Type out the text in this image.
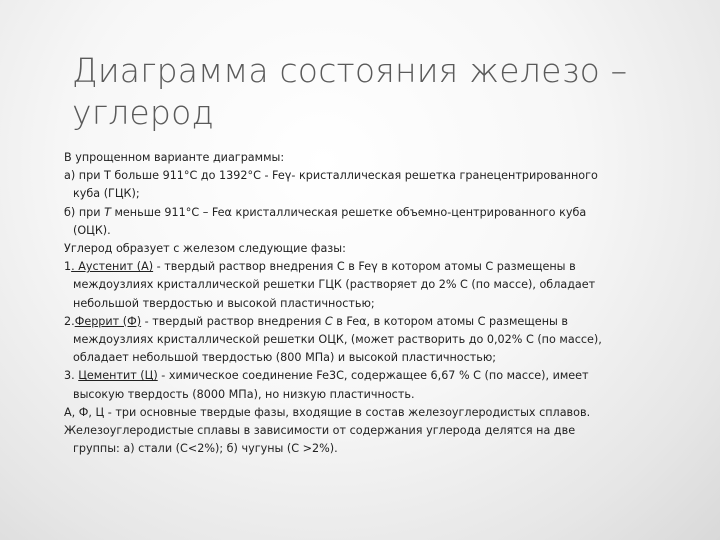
Диаграмма состояния железо –
углерод

В упрощенном варианте диаграммы:

а) при T больше 911°С до 1392°С - Feγ- кристаллическая решетка гранецентрированного

куба (ГЦК);

б) при T меньше 911°С – Feα кристаллическая решетке объемно-центрированного куба

(ОЦК).

Углерод образует с железом следующие фазы:

1. Аустенит (А) - твердый раствор внедрения С в Feγ в котором атомы С размещены в

междоузлиях кристаллической решетки ГЦК (растворяет до 2% С (по массе), обладает

небольшой твердостью и высокой пластичностью;

2.Феррит (Ф) - твердый раствор внедрения С в Feα, в котором атомы С размещены в

междоузлиях кристаллической решетки ОЦК, (может растворить до 0,02% С (по массе),

обладает небольшой твердостью (800 МПа) и высокой пластичностью;

3. Цементит (Ц) - химическое соединение Fe3C, содержащее 6,67 % С (по массе), имеет

высокую твердость (8000 МПа), но низкую пластичность.

А, Ф, Ц - три основные твердые фазы, входящие в состав железоуглеродистых сплавов.

Железоуглеродистые сплавы в зависимости от содержания углерода делятся на две

группы: а) стали (С<2%); б) чугуны (С >2%).
